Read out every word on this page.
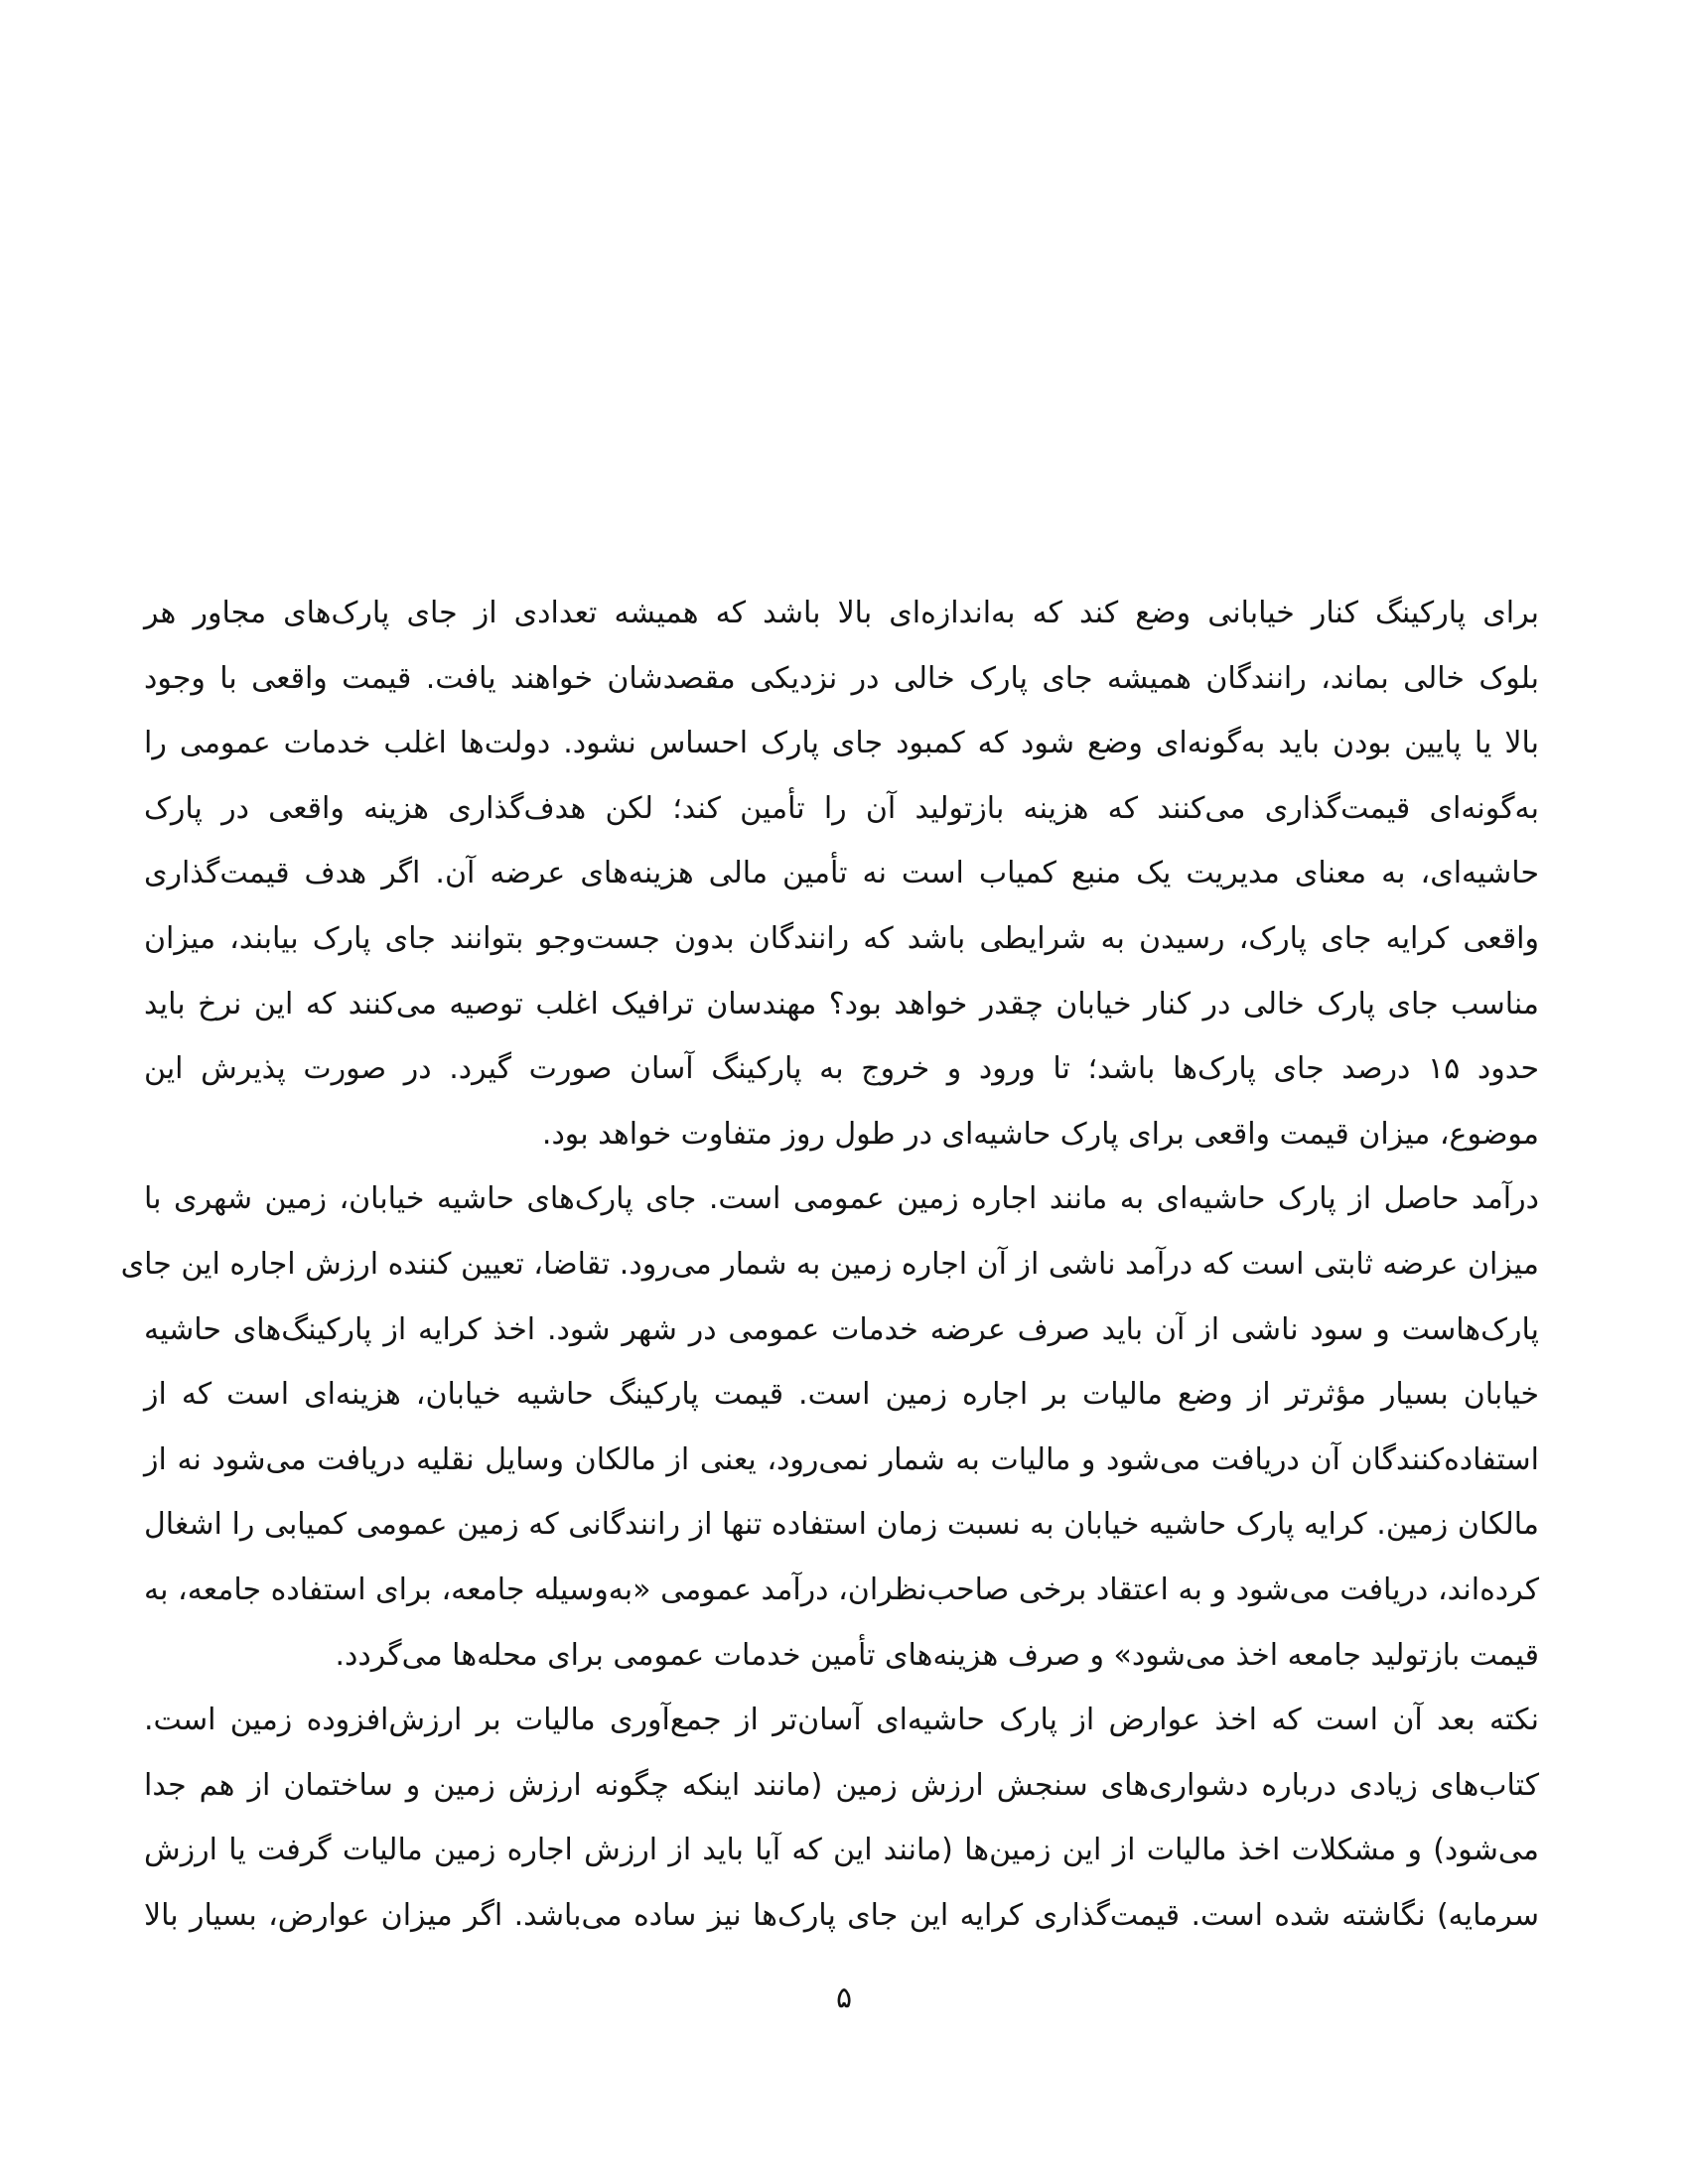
برای پارکینگ کنار خیابانی وضع کند که به‌اندازه‌ای بالا باشد که همیشه تعدادی از جای پارک‌های مجاور هر
بلوک خالی بماند، رانندگان همیشه جای پارک خالی در نزدیکی مقصدشان خواهند یافت. قیمت واقعی با وجود
بالا یا پایین بودن باید به‌گونه‌ای وضع شود که کمبود جای پارک احساس نشود. دولت‌ها اغلب خدمات عمومی را
به‌گونه‌ای قیمت‌گذاری می‌کنند که هزینه بازتولید آن را تأمین کند؛ لکن هدف‌گذاری هزینه واقعی در پارک
حاشیه‌ای، به معنای مدیریت یک منبع کمیاب است نه تأمین مالی هزینه‌های عرضه آن. اگر هدف قیمت‌گذاری
واقعی کرایه جای پارک، رسیدن به شرایطی باشد که رانندگان بدون جست‌وجو بتوانند جای پارک بیابند، میزان
مناسب جای پارک خالی در کنار خیابان چقدر خواهد بود؟ مهندسان ترافیک اغلب توصیه می‌کنند که این نرخ باید
حدود ۱۵ درصد جای پارک‌ها باشد؛ تا ورود و خروج به پارکینگ آسان صورت گیرد. در صورت پذیرش این
موضوع، میزان قیمت واقعی برای پارک حاشیه‌ای در طول روز متفاوت خواهد بود.
درآمد حاصل از پارک حاشیه‌ای به مانند اجاره زمین عمومی است. جای پارک‌های حاشیه خیابان، زمین شهری با
میزان عرضه ثابتی است که درآمد ناشی از آن اجاره زمین به شمار می‌رود. تقاضا، تعیین کننده ارزش اجاره این جای
پارک‌هاست و سود ناشی از آن باید صرف عرضه خدمات عمومی در شهر شود. اخذ کرایه از پارکینگ‌های حاشیه
خیابان بسیار مؤثرتر از وضع مالیات بر اجاره زمین است. قیمت پارکینگ حاشیه خیابان، هزینه‌ای است که از
استفاده‌کنندگان آن دریافت می‌شود و مالیات به شمار نمی‌رود، یعنی از مالکان وسایل نقلیه دریافت می‌شود نه از
مالکان زمین. کرایه پارک حاشیه خیابان به نسبت زمان استفاده تنها از رانندگانی که زمین عمومی کمیابی را اشغال
کرده‌اند، دریافت می‌شود و به اعتقاد برخی صاحب‌نظران، درآمد عمومی «به‌وسیله جامعه، برای استفاده جامعه، به
قیمت بازتولید جامعه اخذ می‌شود» و صرف هزینه‌های تأمین خدمات عمومی برای محله‌ها می‌گردد.
نکته بعد آن است که اخذ عوارض از پارک حاشیه‌ای آسان‌تر از جمع‌آوری مالیات بر ارزش‌افزوده زمین است.
کتاب‌های زیادی درباره دشواری‌های سنجش ارزش زمین (مانند اینکه چگونه ارزش زمین و ساختمان از هم جدا
می‌شود) و مشکلات اخذ مالیات از این زمین‌ها (مانند این که آیا باید از ارزش اجاره زمین مالیات گرفت یا ارزش
سرمایه) نگاشته شده است. قیمت‌گذاری کرایه این جای پارک‌ها نیز ساده می‌باشد. اگر میزان عوارض، بسیار بالا
۵
